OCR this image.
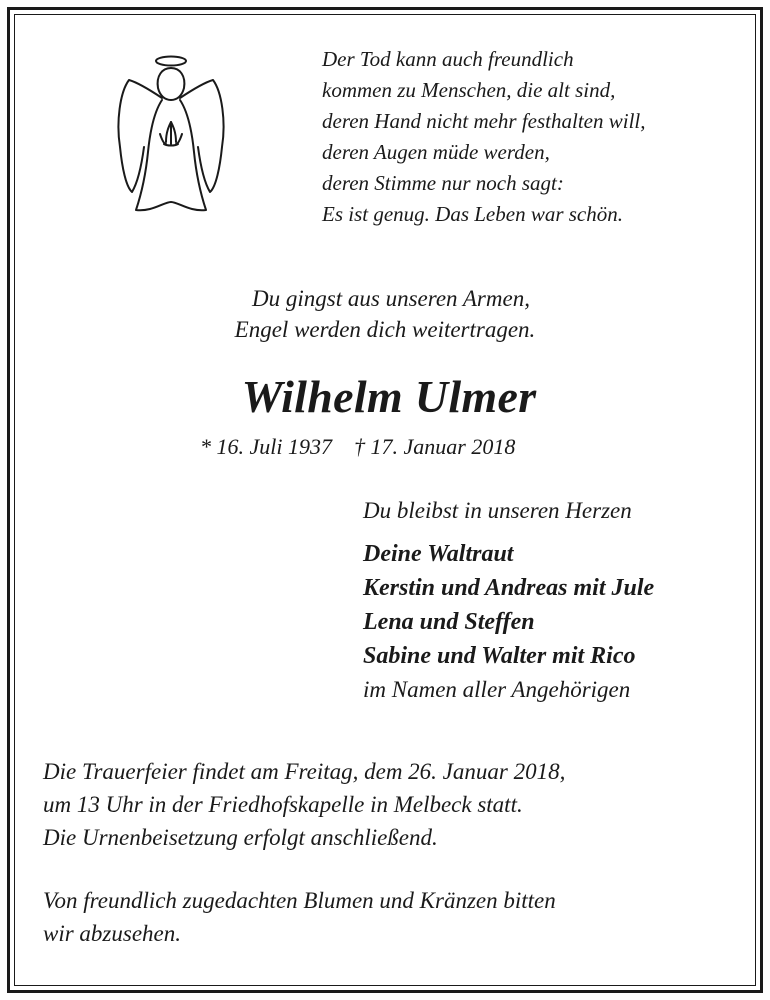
Der Tod kann auch freundlich
kommen zu Menschen, die alt sind,
deren Hand nicht mehr festhalten will,
deren Augen müde werden,
deren Stimme nur noch sagt:
Es ist genug. Das Leben war schön.
Du gingst aus unseren Armen,
Engel werden dich weitertragen.
Wilhelm Ulmer
* 16. Juli 1937 † 17. Januar 2018
Du bleibst in unseren Herzen
Deine Waltraut
Kerstin und Andreas mit Jule
Lena und Steffen
Sabine und Walter mit Rico
im Namen aller Angehörigen
Die Trauerfeier findet am Freitag, dem 26. Januar 2018,
um 13 Uhr in der Friedhofskapelle in Melbeck statt.
Die Urnenbeisetzung erfolgt anschließend.
Von freundlich zugedachten Blumen und Kränzen bitten
wir abzusehen.
